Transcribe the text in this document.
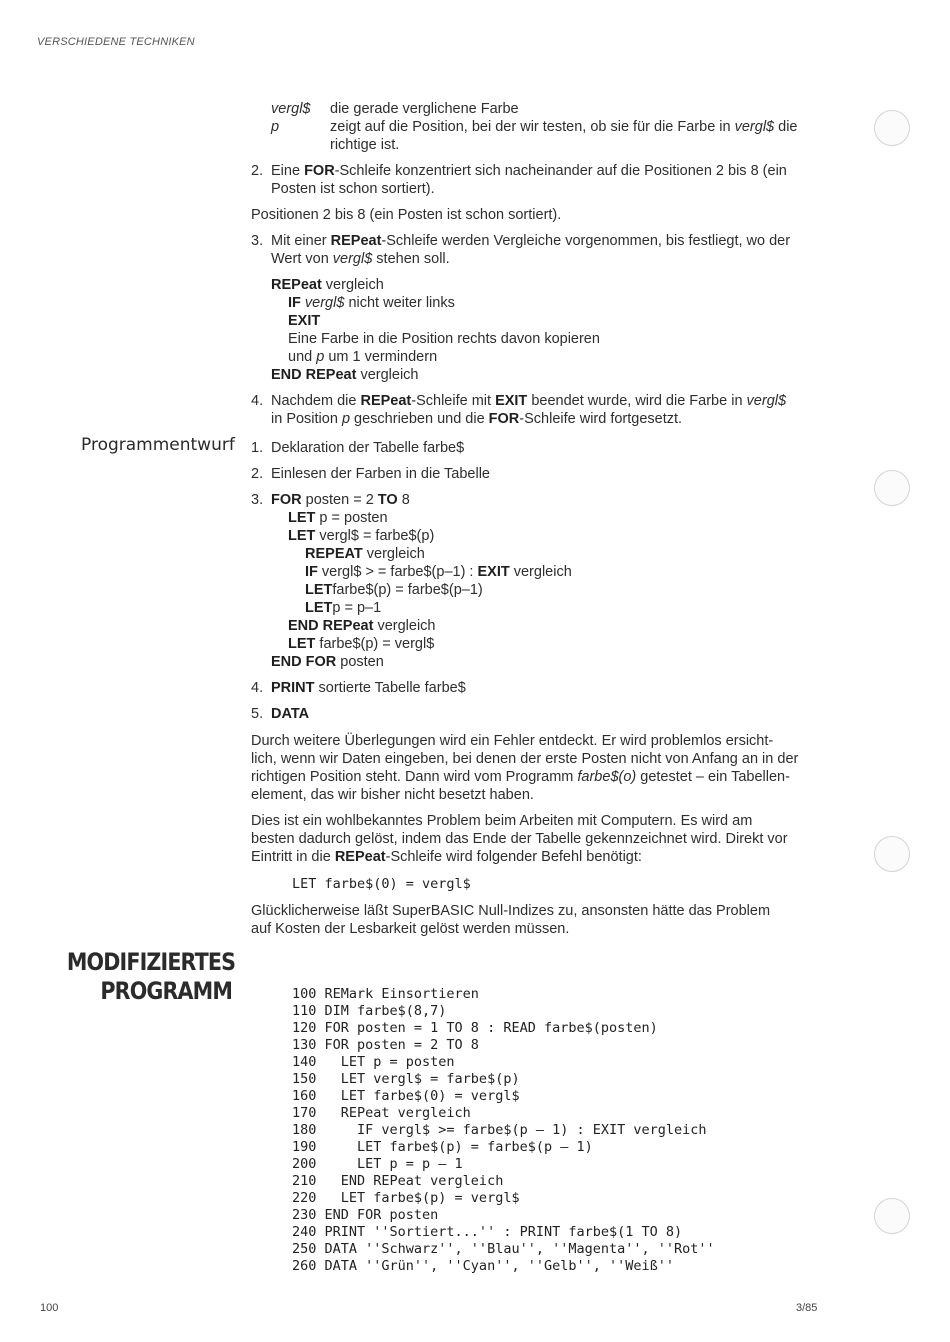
VERSCHIEDENE TECHNIKEN
vergl$ die gerade verglichene Farbe
p	zeigt auf die Position, bei der wir testen, ob sie für die Farbe in vergl$ die
richtige ist.
2. Eine FOR-Schleife konzentriert sich nacheinander auf die Positionen 2 bis 8 (ein
Posten ist schon sortiert).
Positionen 2 bis 8 (ein Posten ist schon sortiert).
3. Mit einer REPeat-Schleife werden Vergleiche vorgenommen, bis festliegt, wo der
Wert von vergl$ stehen soll.
REPeat vergleich
IF vergl$ nicht weiter links
EXIT
Eine Farbe in die Position rechts davon kopieren
und p um 1 vermindern
END REPeat vergleich
4. Nachdem die REPeat-Schleife mit EXIT beendet wurde, wird die Farbe in vergl$
in Position p geschrieben und die FOR-Schleife wird fortgesetzt.
Programmentwurf 1. Deklaration der Tabelle farbe$
2. Einlesen der Farben in die Tabelle
3. FOR posten = 2 TO 8
LET p = posten
LET vergl$ = farbe$(p)
REPEAT vergleich
IF vergl$ > = farbe$(p–1) : EXIT vergleich
LETfarbe$(p) = farbe$(p–1)
LETp = p–1
END REPeat vergleich
LET farbe$(p) = vergl$
END FOR posten
4. PRINT sortierte Tabelle farbe$
5. DATA
Durch weitere Überlegungen wird ein Fehler entdeckt. Er wird problemlos ersicht-
lich, wenn wir Daten eingeben, bei denen der erste Posten nicht von Anfang an in der
richtigen Position steht. Dann wird vom Programm farbe$(o) getestet – ein Tabellen-
element, das wir bisher nicht besetzt haben.
Dies ist ein wohlbekanntes Problem beim Arbeiten mit Computern. Es wird am
besten dadurch gelöst, indem das Ende der Tabelle gekennzeichnet wird. Direkt vor
Eintritt in die REPeat-Schleife wird folgender Befehl benötigt:
LET farbe$(0) = vergl$
Glücklicherweise läßt SuperBASIC Null-Indizes zu, ansonsten hätte das Problem
auf Kosten der Lesbarkeit gelöst werden müssen.
MODIFIZIERTES
PROGRAMM

	100 REMark Einsortieren

110 DIM farbe$(8,7)

120 FOR posten = 1 TO 8 : READ farbe$(posten)

130 FOR posten = 2 TO 8

140   LET p = posten

150   LET vergl$ = farbe$(p)

160   LET farbe$(0) = vergl$

170   REPeat vergleich

180     IF vergl$ >= farbe$(p – 1) : EXIT vergleich

190     LET farbe$(p) = farbe$(p – 1)

200     LET p = p – 1

210   END REPeat vergleich

220   LET farbe$(p) = vergl$

230 END FOR posten

240 PRINT ''Sortiert...'' : PRINT farbe$(1 TO 8)

250 DATA ''Schwarz'', ''Blau'', ''Magenta'', ''Rot''

260 DATA ''Grün'', ''Cyan'', ''Gelb'', ''Weiß''

100	3/85
